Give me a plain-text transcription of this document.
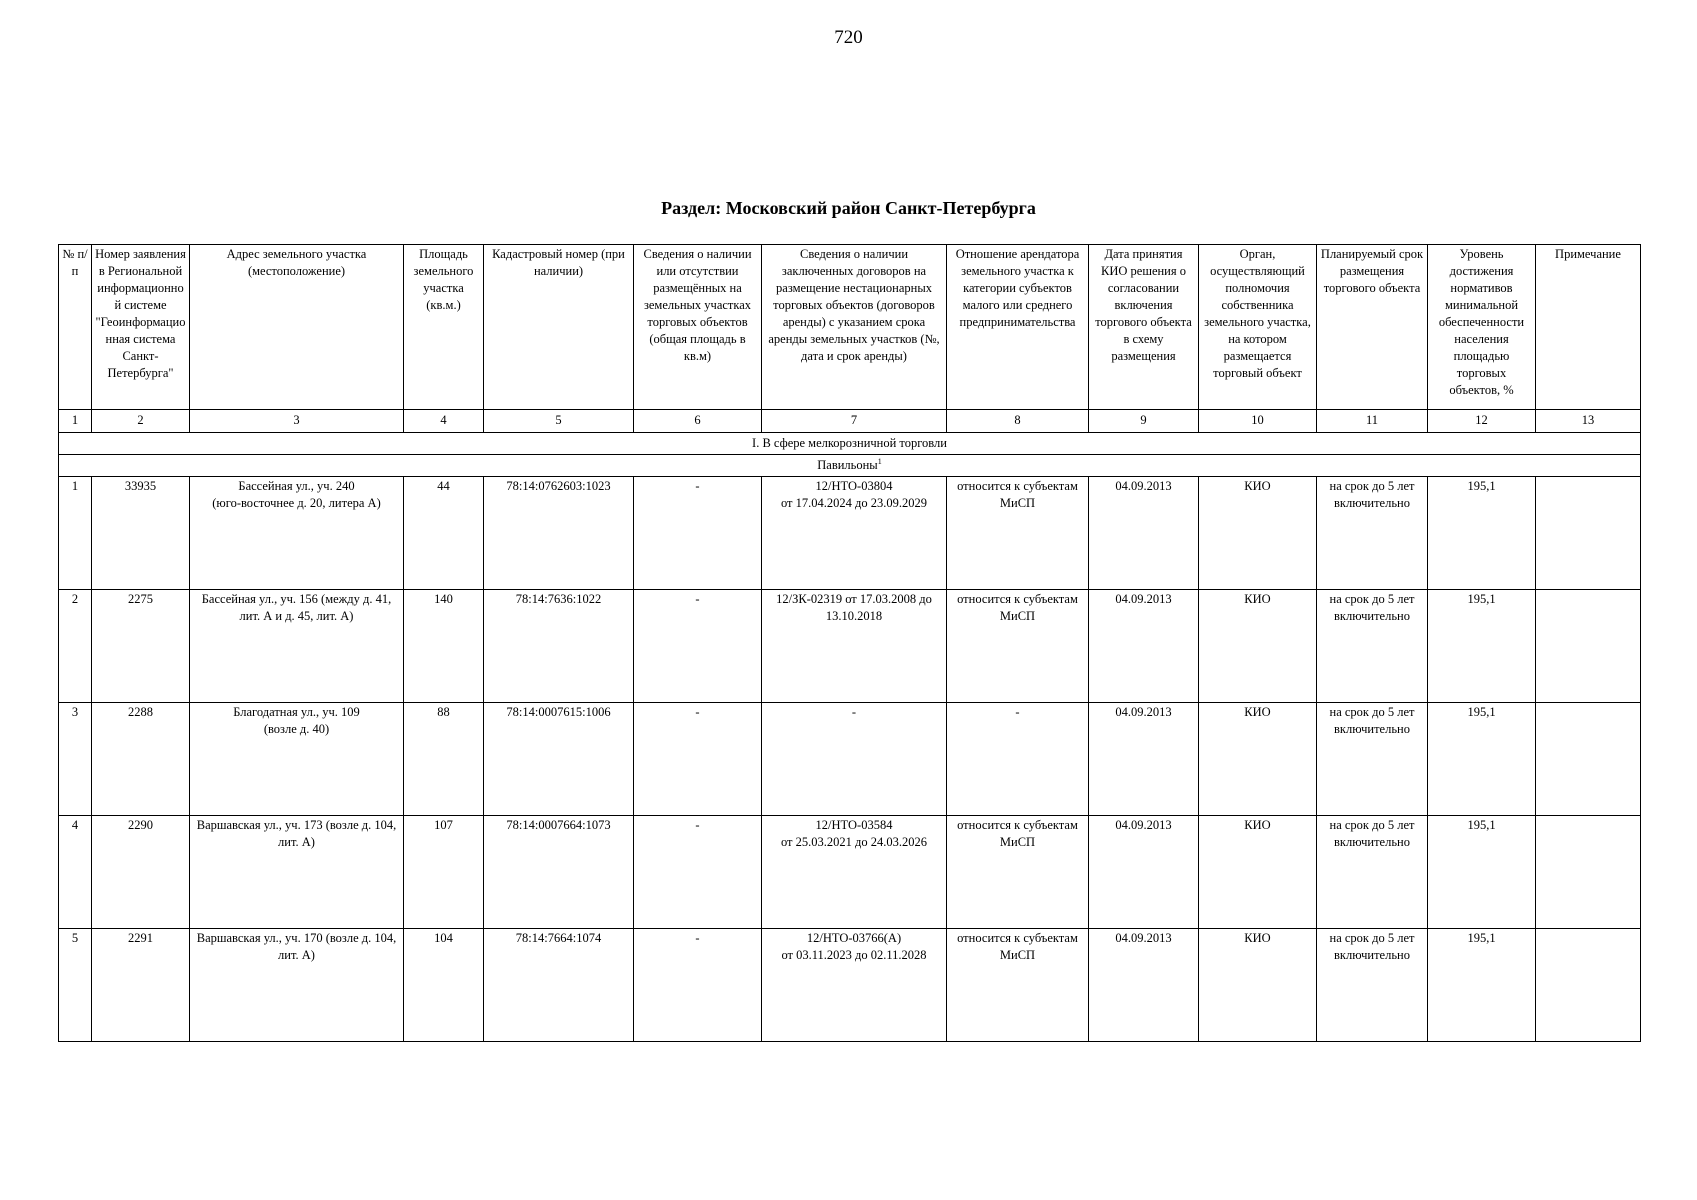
720
Раздел: Московский район Санкт-Петербурга
№ п/п	Номер заявления в Региональной информационной системе "Геоинформационная система Санкт-Петербурга"	Адрес земельного участка (местоположение)	Площадь земельного участка (кв.м.)	Кадастровый номер (при наличии)	Сведения о наличии или отсутствии размещённых на земельных участках торговых объектов (общая площадь в кв.м)	Сведения о наличии заключенных договоров на размещение нестационарных торговых объектов (договоров аренды) с указанием срока аренды земельных участков (№, дата и срок аренды)	Отношение арендатора земельного участка к категории субъектов малого или среднего предпринимательства	Дата принятия КИО решения о согласовании включения торгового объекта в схему размещения	Орган, осуществляющий полномочия собственника земельного участка, на котором размещается торговый объект	Планируемый срок размещения торгового объекта	Уровень достижения нормативов минимальной обеспеченности населения площадью торговых объектов, %	Примечание
1	2	3	4	5	6	7	8	9	10	11	12	13
I. В сфере мелкорозничной торговли												
Павильоны$^1$
1	33935	Бассейная ул., уч. 240
(юго-восточнее д. 20, литера А)	44	78:14:0762603:1023	-	12/НТО-03804
от 17.04.2024 до 23.09.2029	относится к субъектам МиСП	04.09.2013	КИО	на срок до 5 лет включительно	195,1	
2	2275	Бассейная ул., уч. 156 (между д. 41, лит. А и д. 45, лит. А)	140	78:14:7636:1022	-	12/ЗК-02319 от 17.03.2008 до 13.10.2018	относится к субъектам МиСП	04.09.2013	КИО	на срок до 5 лет включительно	195,1	
3	2288	Благодатная ул., уч. 109
(возле д. 40)	88	78:14:0007615:1006	-	-	-	04.09.2013	КИО	на срок до 5 лет включительно	195,1	
4	2290	Варшавская ул., уч. 173 (возле д. 104, лит. А)	107	78:14:0007664:1073	-	12/НТО-03584
от 25.03.2021 до 24.03.2026	относится к субъектам МиСП	04.09.2013	КИО	на срок до 5 лет включительно	195,1	
5	2291	Варшавская ул., уч. 170 (возле д. 104, лит. А)	104	78:14:7664:1074	-	12/НТО-03766(А)
от 03.11.2023 до 02.11.2028	относится к субъектам МиСП	04.09.2013	КИО	на срок до 5 лет включительно	195,1	
